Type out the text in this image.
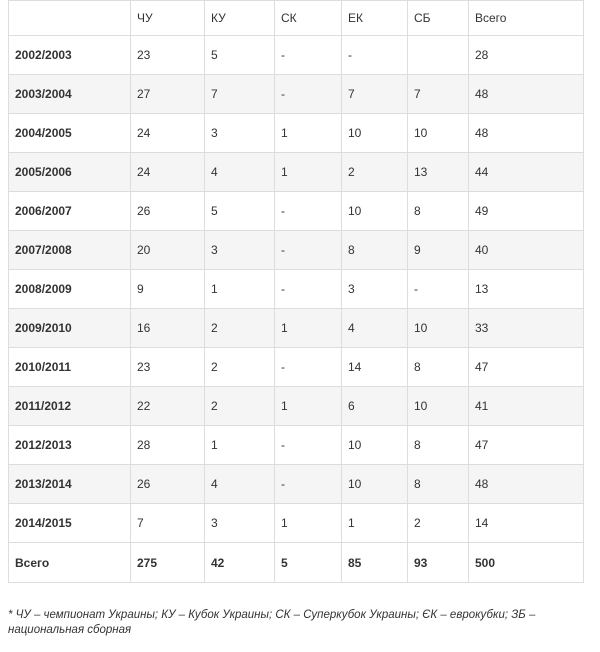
	ЧУ	КУ	СК	ЕК	СБ	Всего
2002/2003	23	5	-	-		28
2003/2004	27	7	-	7	7	48
2004/2005	24	3	1	10	10	48
2005/2006	24	4	1	2	13	44
2006/2007	26	5	-	10	8	49
2007/2008	20	3	-	8	9	40
2008/2009	9	1	-	3	-	13
2009/2010	16	2	1	4	10	33
2010/2011	23	2	-	14	8	47
2011/2012	22	2	1	6	10	41
2012/2013	28	1	-	10	8	47
2013/2014	26	4	-	10	8	48
2014/2015	7	3	1	1	2	14
Всего	275	42	5	85	93	500
* ЧУ – чемпионат Украины; КУ – Кубок Украины; СК – Суперкубок Украины; ЄК – еврокубки; ЗБ – национальная сборная
